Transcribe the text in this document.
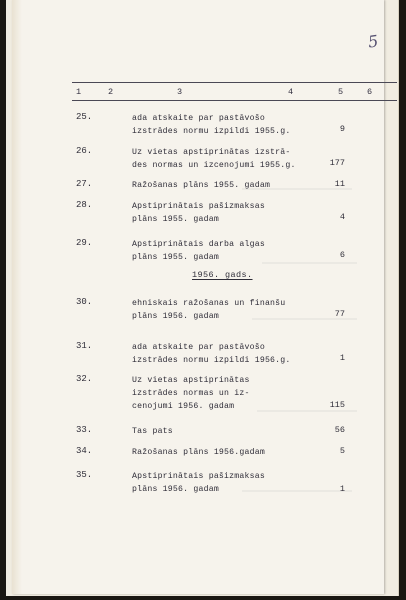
5
1	2	3	4	5	6
25.	ada atskaite par pastāvošo
izstrādes normu izpildi 1955.g.	9
26.	Uz vietas apstiprinātas izstrā-
des normas un izcenojumi 1955.g.	177
27.	Ražošanas plāns 1955. gadam	11
28.	Apstiprinātais pašizmaksas
plāns 1955. gadam	4
29.	Apstiprinātais darba algas
plāns 1955. gadam	6
1956. gads.
30.	ehniskais ražošanas un finanšu
plāns 1956. gadam	77
31.	ada atskaite par pastāvošo
izstrādes normu izpildi 1956.g.	1
32.	Uz vietas apstiprinātas
izstrādes normas un iz-
cenojumi 1956. gadam	115
33.	Tas pats	56
34.	Ražošanas plāns 1956.gadam	5
35.	Apstiprinātais pašizmaksas
plāns 1956. gadam	1
